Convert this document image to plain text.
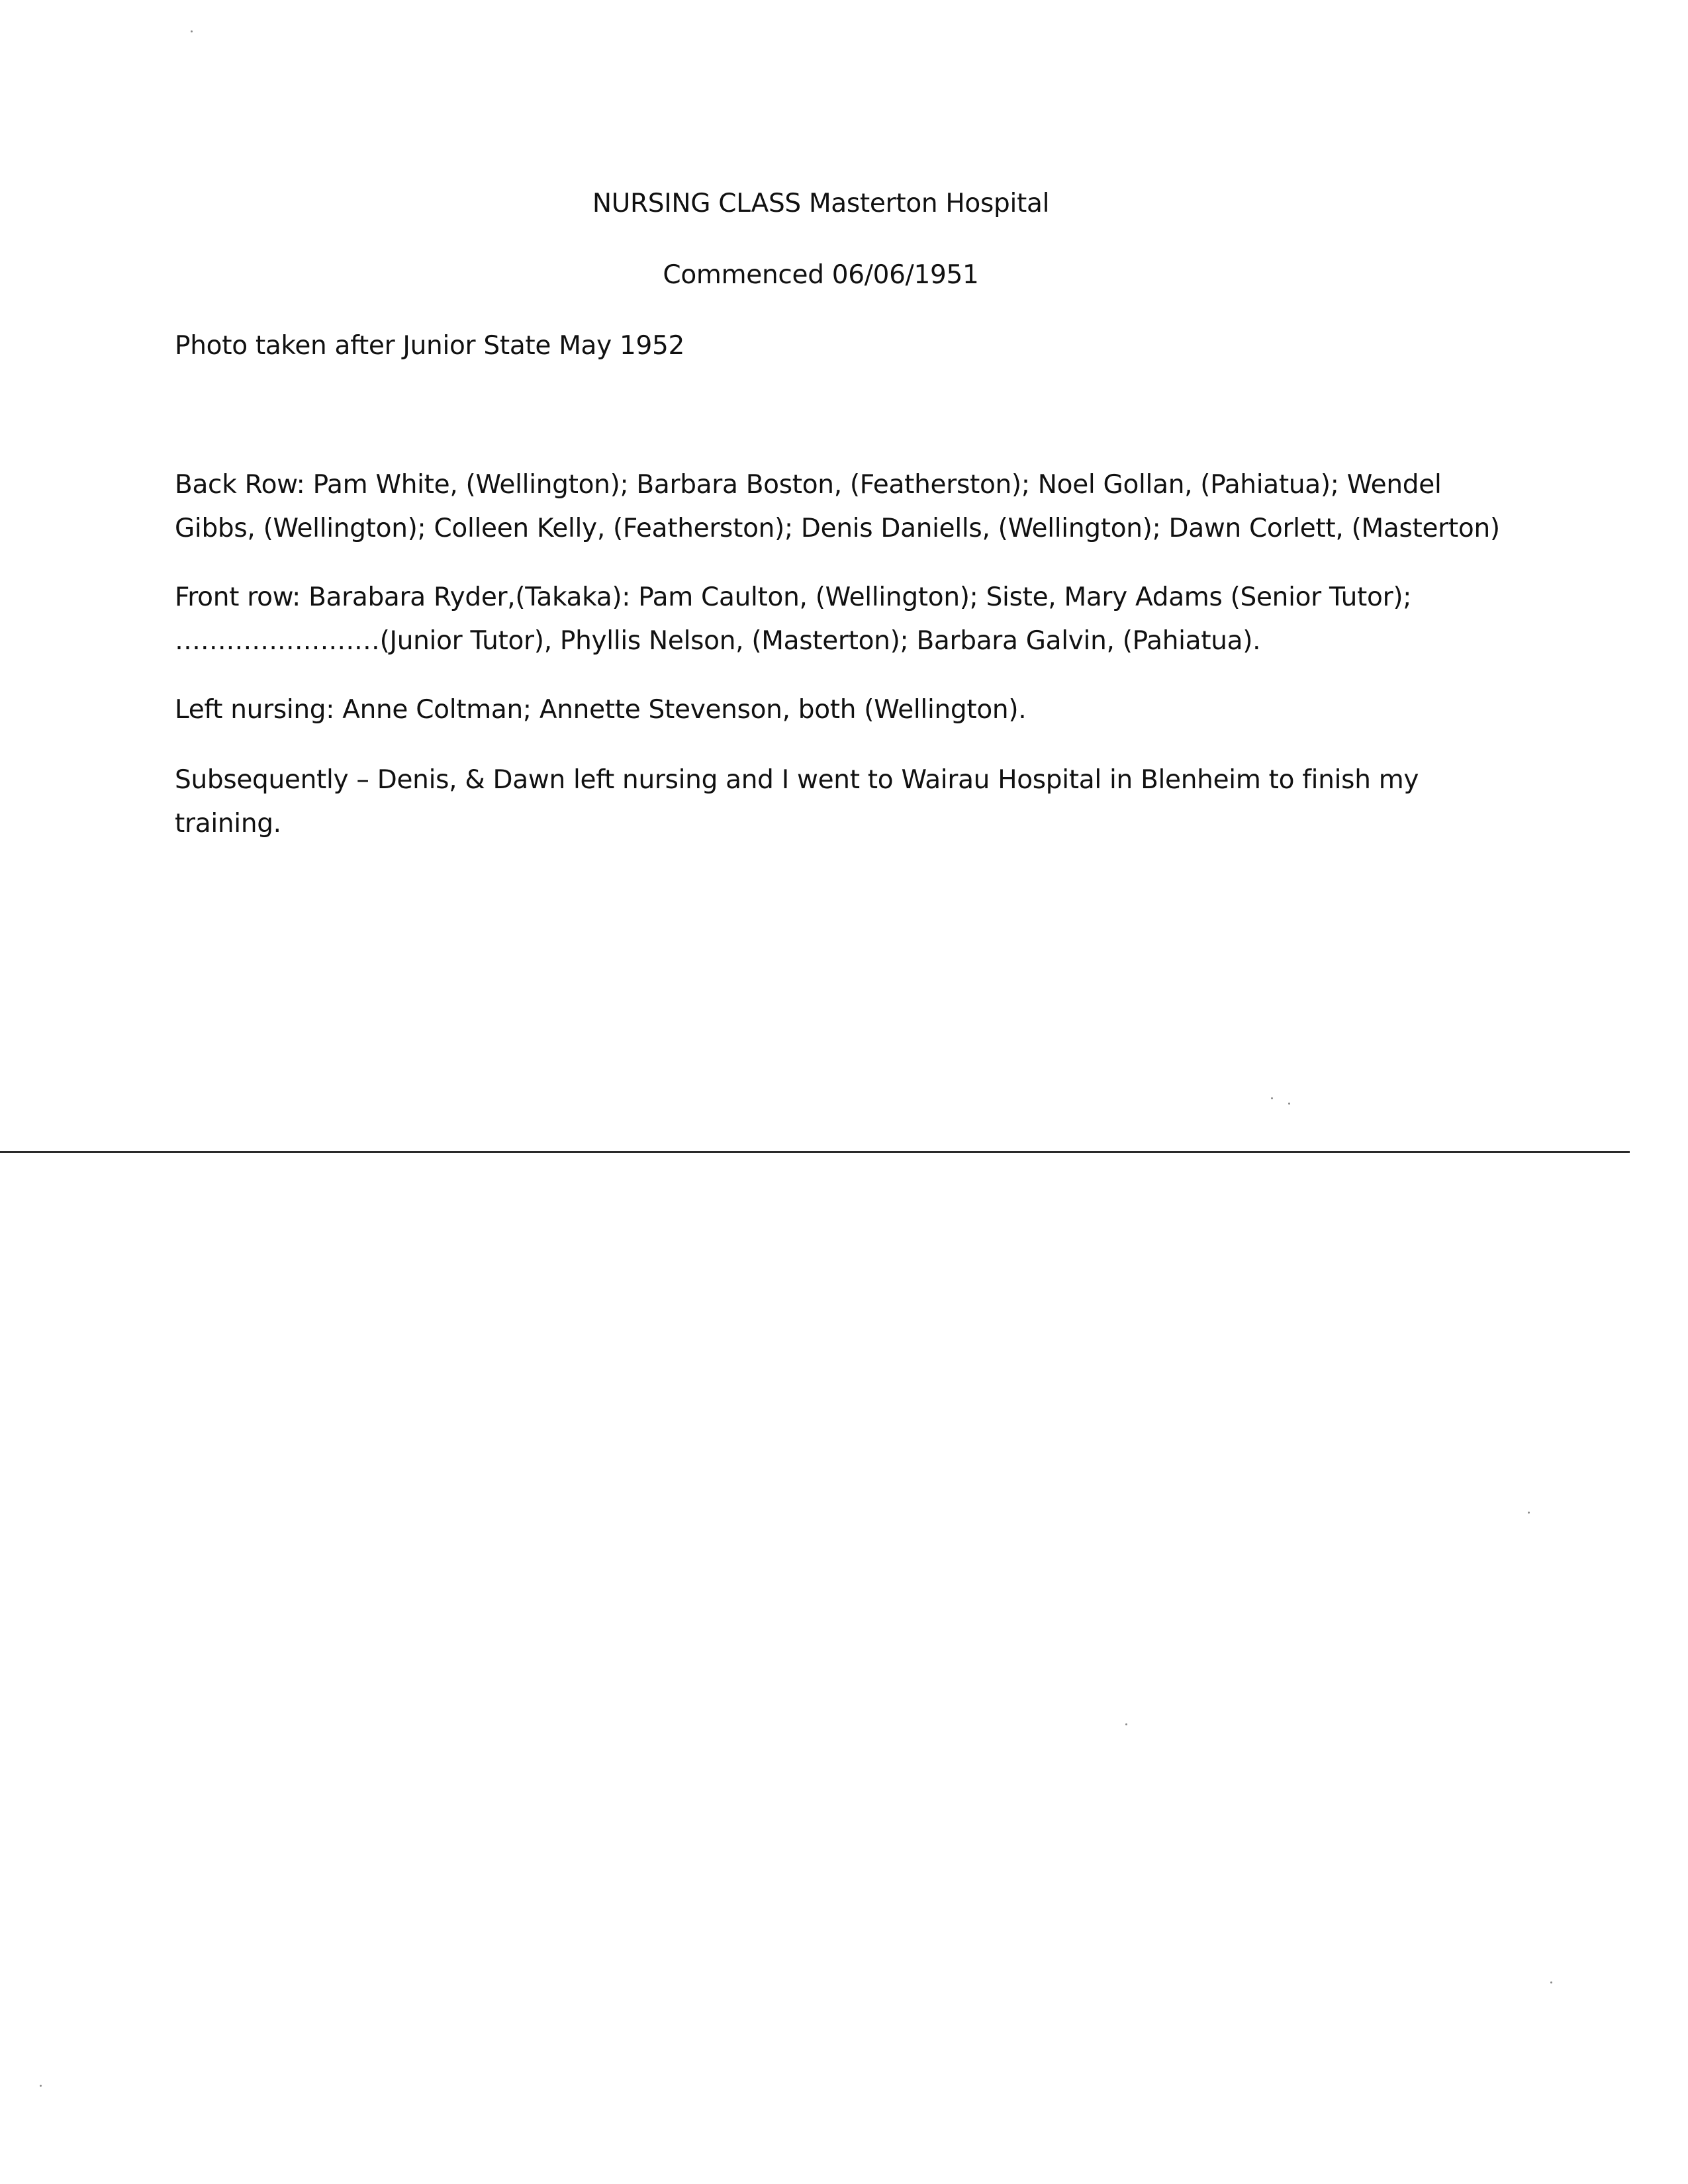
NURSING CLASS Masterton Hospital

Commenced 06/06/1951

Photo taken after Junior State May 1952

Back Row: Pam White, (Wellington); Barbara Boston, (Featherston); Noel Gollan, (Pahiatua); Wendel

Gibbs, (Wellington); Colleen Kelly, (Featherston); Denis Daniells, (Wellington); Dawn Corlett, (Masterton)

Front row: Barabara Ryder,(Takaka): Pam Caulton, (Wellington); Siste, Mary Adams (Senior Tutor);

……………………(Junior Tutor), Phyllis Nelson, (Masterton); Barbara Galvin, (Pahiatua).

Left nursing: Anne Coltman; Annette Stevenson, both (Wellington).

Subsequently – Denis, & Dawn left nursing and I went to Wairau Hospital in Blenheim to finish my

training.
